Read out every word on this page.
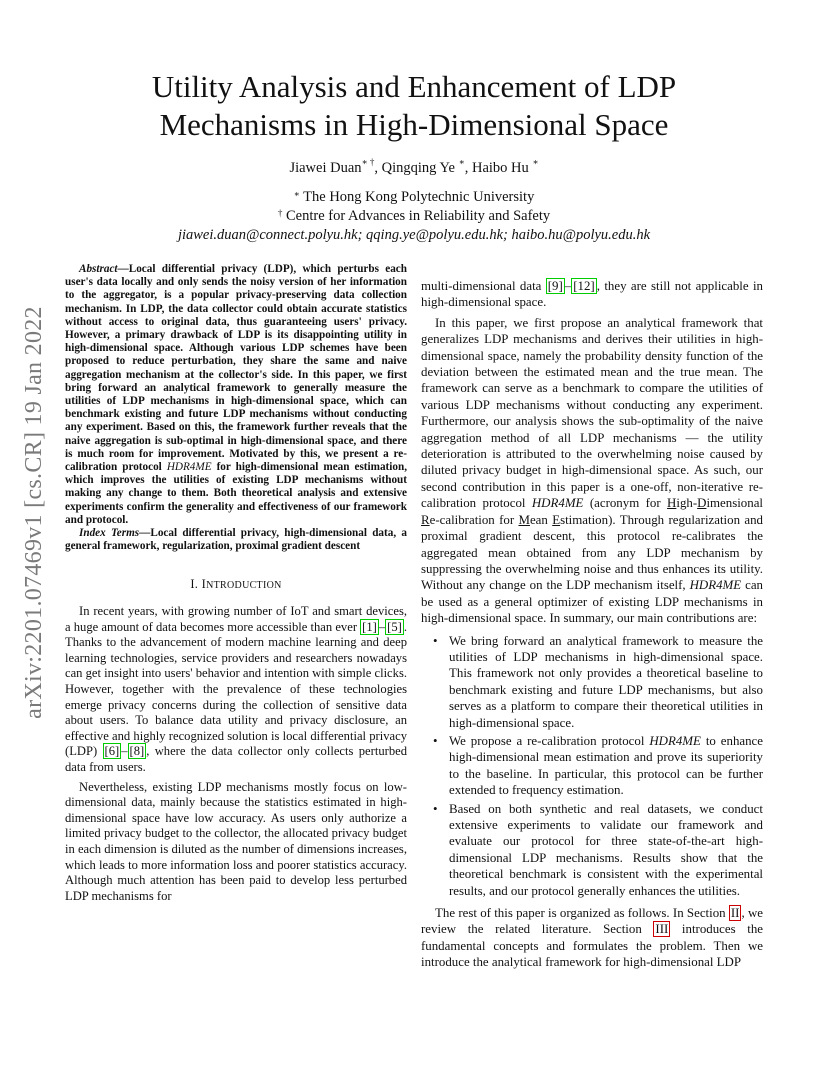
arXiv:2201.07469v1 [cs.CR] 19 Jan 2022
Utility Analysis and Enhancement of LDP
Mechanisms in High-Dimensional Space
Jiawei Duan∗ †, Qingqing Ye ∗, Haibo Hu ∗
∗ The Hong Kong Polytechnic University
† Centre for Advances in Reliability and Safety
jiawei.duan@connect.polyu.hk; qqing.ye@polyu.edu.hk; haibo.hu@polyu.edu.hk

Abstract—Local differential privacy (LDP), which perturbs each user's data locally and only sends the noisy version of her information to the aggregator, is a popular privacy-preserving data collection mechanism. In LDP, the data collector could obtain accurate statistics without access to original data, thus guaranteeing users' privacy. However, a primary drawback of LDP is its disappointing utility in high-dimensional space. Although various LDP schemes have been proposed to reduce perturbation, they share the same and naive aggregation mechanism at the collector's side. In this paper, we first bring forward an analytical framework to generally measure the utilities of LDP mechanisms in high-dimensional space, which can benchmark existing and future LDP mechanisms without conducting any experiment. Based on this, the framework further reveals that the naive aggregation is sub-optimal in high-dimensional space, and there is much room for improvement. Motivated by this, we present a re-calibration protocol HDR4ME for high-dimensional mean estimation, which improves the utilities of existing LDP mechanisms without making any change to them. Both theoretical analysis and extensive experiments confirm the generality and effectiveness of our framework and protocol.

Index Terms—Local differential privacy, high-dimensional data, a general framework, regularization, proximal gradient descent

I. INTRODUCTION

In recent years, with growing number of IoT and smart devices, a huge amount of data becomes more accessible than ever [1] – [5] . Thanks to the advancement of modern machine learning and deep learning technologies, service providers and researchers nowadays can get insight into users' behavior and intention with simple clicks. However, together with the prevalence of these technologies emerge privacy concerns during the collection of sensitive data about users. To balance data utility and privacy disclosure, an effective and highly recognized solution is local differential privacy (LDP) [6] – [8] , where the data collector only collects perturbed data from users.

Nevertheless, existing LDP mechanisms mostly focus on low-dimensional data, mainly because the statistics estimated in high-dimensional space have low accuracy. As users only authorize a limited privacy budget to the collector, the allocated privacy budget in each dimension is diluted as the number of dimensions increases, which leads to more information loss and poorer statistics accuracy. Although much attention has been paid to develop less perturbed LDP mechanisms for

multi-dimensional data [9] – [12] , they are still not applicable in high-dimensional space.

In this paper, we first propose an analytical framework that generalizes LDP mechanisms and derives their utilities in high-dimensional space, namely the probability density function of the deviation between the estimated mean and the true mean. The framework can serve as a benchmark to compare the utilities of various LDP mechanisms without conducting any experiment. Furthermore, our analysis shows the sub-optimality of the naive aggregation method of all LDP mechanisms — the utility deterioration is attributed to the overwhelming noise caused by diluted privacy budget in high-dimensional space. As such, our second contribution in this paper is a one-off, non-iterative re-calibration protocol HDR4ME (acronym for High-Dimensional Re-calibration for Mean Estimation). Through regularization and proximal gradient descent, this protocol re-calibrates the aggregated mean obtained from any LDP mechanism by suppressing the overwhelming noise and thus enhances its utility. Without any change on the LDP mechanism itself, HDR4ME can be used as a general optimizer of existing LDP mechanisms in high-dimensional space. In summary, our main contributions are:

• We bring forward an analytical framework to measure the utilities of LDP mechanisms in high-dimensional space. This framework not only provides a theoretical baseline to benchmark existing and future LDP mechanisms, but also serves as a platform to compare their theoretical utilities in high-dimensional space.
• We propose a re-calibration protocol HDR4ME to enhance high-dimensional mean estimation and prove its superiority to the baseline. In particular, this protocol can be further extended to frequency estimation.
• Based on both synthetic and real datasets, we conduct extensive experiments to validate our framework and evaluate our protocol for three state-of-the-art high-dimensional LDP mechanisms. Results show that the theoretical benchmark is consistent with the experimental results, and our protocol generally enhances the utilities.

The rest of this paper is organized as follows. In Section II , we review the related literature. Section III introduces the fundamental concepts and formulates the problem. Then we introduce the analytical framework for high-dimensional LDP
